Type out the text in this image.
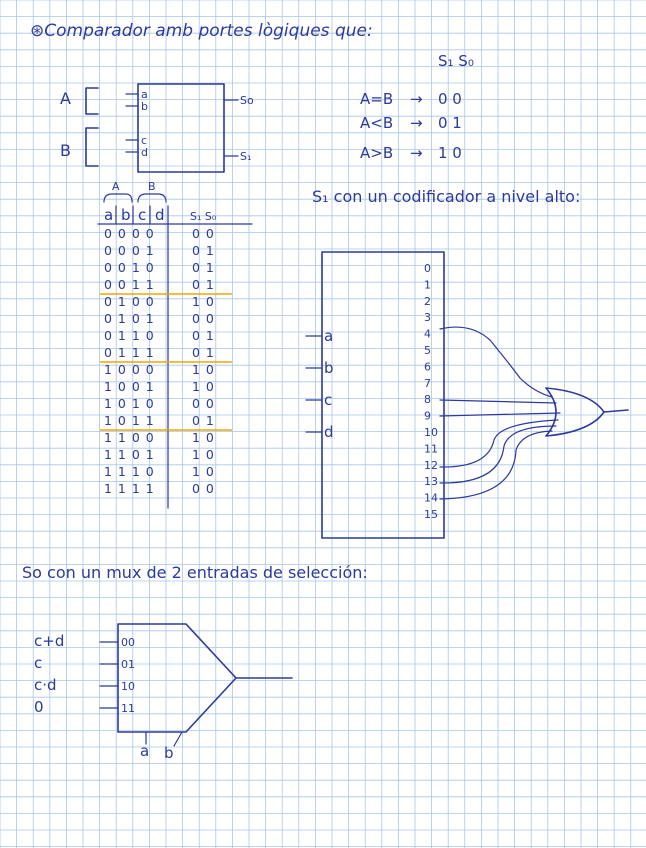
⊛Comparador amb portes lògiques que:
A
B
a
b
c
d
So
S₁
S₁ S₀
A=B → 0 0
A<B → 0 1
A>B → 1 0
A	B
a b c d S₁ S₀
0 0 0 0	0 0
0 0 0 1	0 1
0 0 1 0	0 1
0 0 1 1	0 1
0 1 0 0	1 0
0 1 0 1	0 0
0 1 1 0	0 1
0 1 1 1	0 1
1 0 0 0	1 0
1 0 0 1	1 0
1 0 1 0	0 0
1 0 1 1	0 1
1 1 0 0	1 0
1 1 0 1	1 0
1 1 1 0	1 0
1 1 1 1	0 0
S₁ con un codificador a nivel alto:
a
b
c
d
0
1
2
3
4
5
6
7
8
9
10
11
12
13
14
15
So con un mux de 2 entradas de selección:
c+d	00
c	01
c·d	10
0	11
a b
